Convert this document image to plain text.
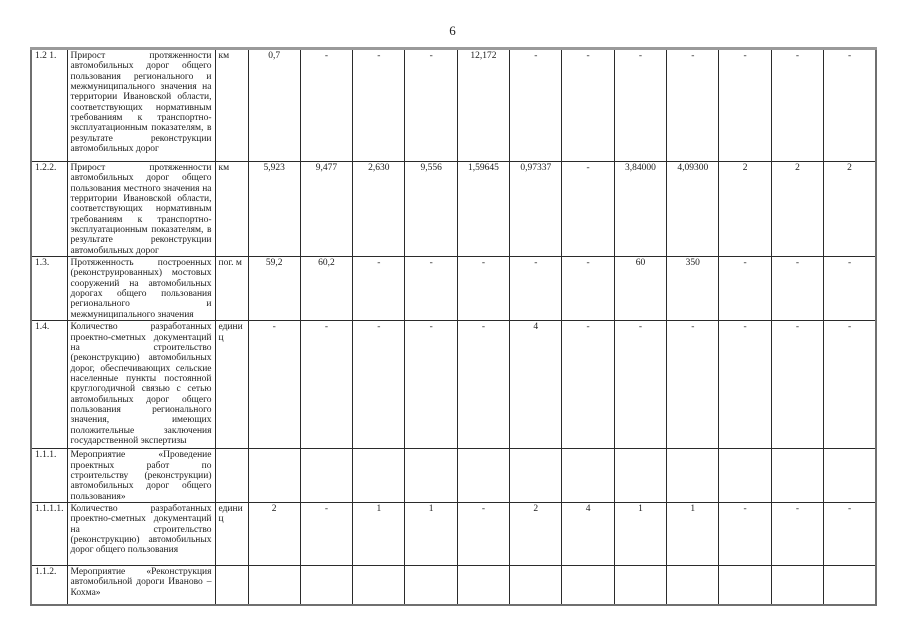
6
1.2 1.	Прирост протяженности автомобильных дорог общего пользования регионального и межмуниципального значения на территории Ивановской области, соответствующих нормативным требованиям к транспортно-эксплуатационным показателям, в результате реконструкции автомобильных дорог	км	0,7	-	-	-	12,172	-	-	-	-	-	-	-
1.2.2.	Прирост протяженности автомобильных дорог общего пользования местного значения на территории Ивановской области, соответствующих нормативным требованиям к транспортно-эксплуатационным показателям, в результате реконструкции автомобильных дорог	км	5,923	9,477	2,630	9,556	1,59645	0,97337	-	3,84000	4,09300	2	2	2
1.3.	Протяженность построенных (реконструированных) мостовых сооружений на автомобильных дорогах общего пользования регионального и межмуниципального значения	пог. м	59,2	60,2	-	-	-	-	-	60	350	-	-	-
1.4.	Количество разработанных проектно-сметных документаций на строительство (реконструкцию) автомобильных дорог, обеспечивающих сельские населенные пункты постоянной круглогодичной связью с сетью автомобильных дорог общего пользования регионального значения, имеющих положительные заключения государственной экспертизы	единиц	-	-	-	-	-	4	-	-	-	-	-	-
1.1.1.	Мероприятие «Проведение проектных работ по строительству (реконструкции) автомобильных дорог общего пользования»													
1.1.1.1.	Количество разработанных проектно-сметных документаций на строительство (реконструкцию) автомобильных дорог общего пользования	единиц	2	-	1	1	-	2	4	1	1	-	-	-
1.1.2.	Мероприятие «Реконструкция автомобильной дороги Иваново – Кохма»													
